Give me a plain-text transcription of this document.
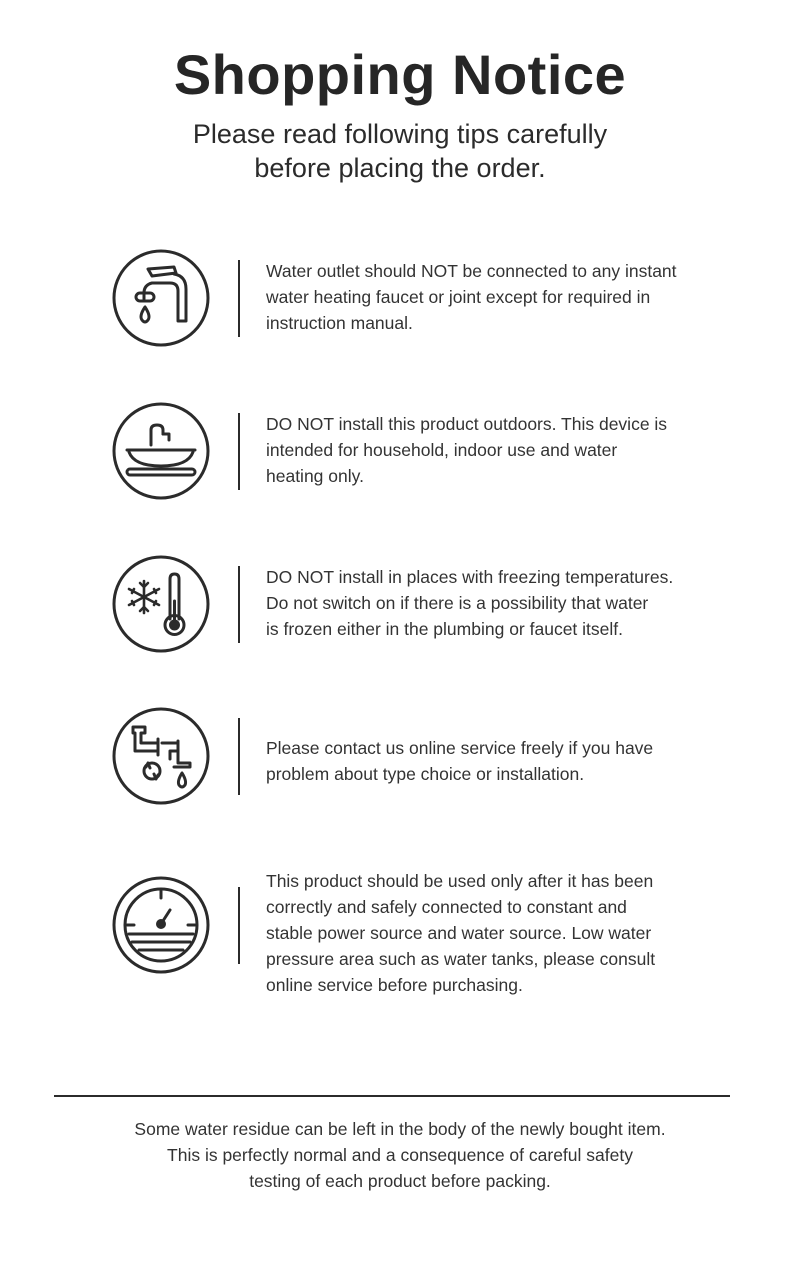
Shopping Notice
Please read following tips carefully
before placing the order.
Water outlet should NOT be connected to any instant
water heating faucet or joint except for required in
instruction manual.
DO NOT install this product outdoors. This device is
intended for household, indoor use and water
heating only.
DO NOT install in places with freezing temperatures.
Do not switch on if there is a possibility that water
is frozen either in the plumbing or faucet itself.
Please contact us online service freely if you have
problem about type choice or installation.
This product should be used only after it has been
correctly and safely connected to constant and
stable power source and water source. Low water
pressure area such as water tanks, please consult
online service before purchasing.
Some water residue can be left in the body of the newly bought item.
This is perfectly normal and a consequence of careful safety
testing of each product before packing.
